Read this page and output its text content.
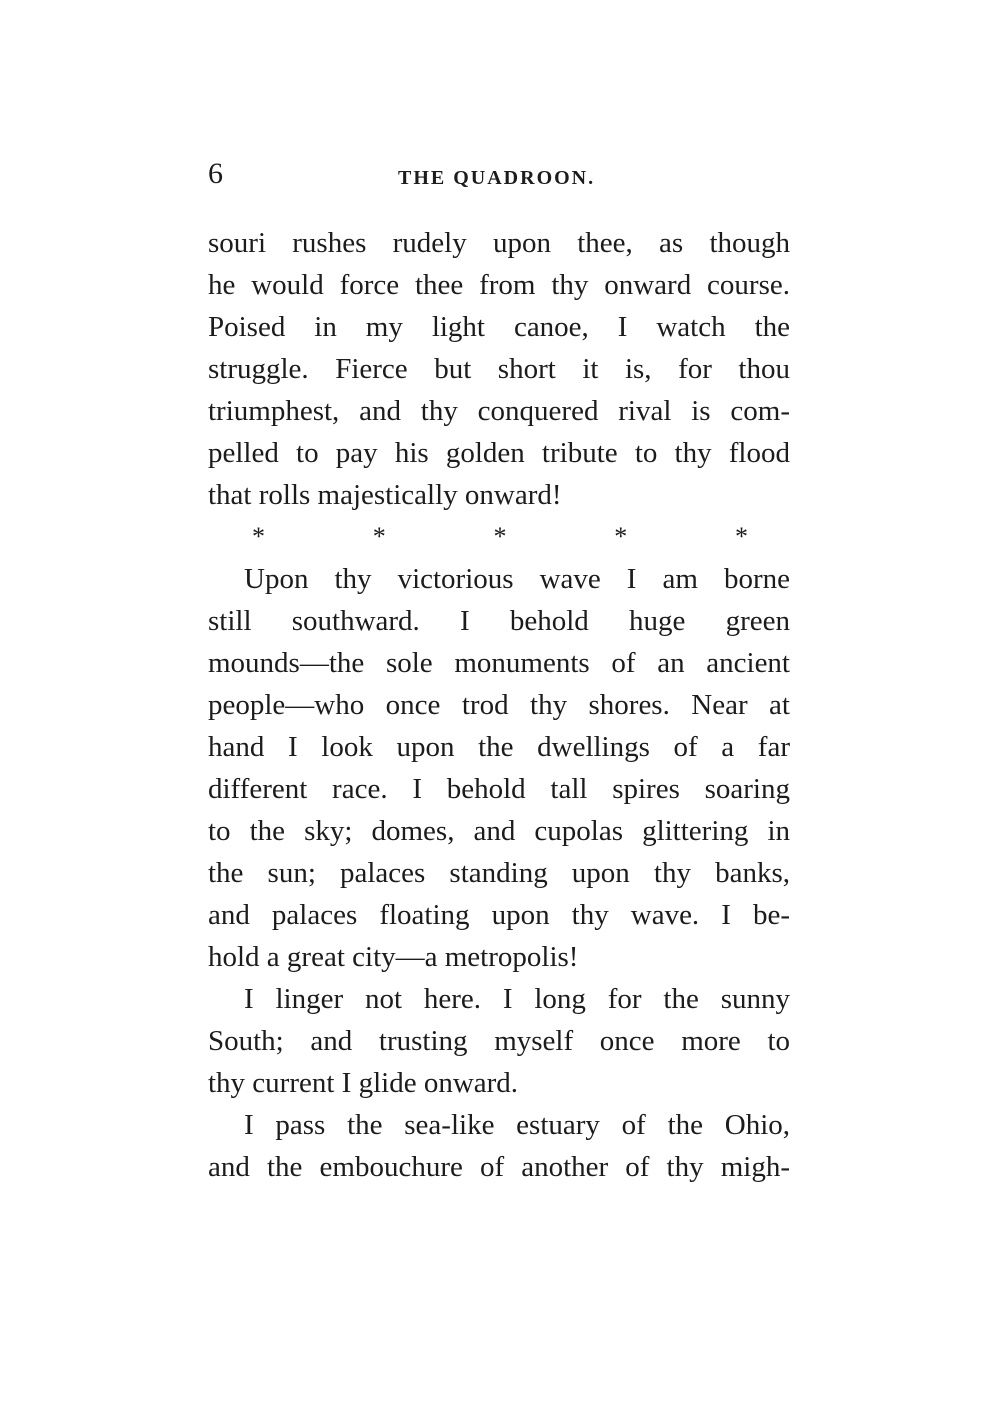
6	THE QUADROON.
souri rushes rudely upon thee, as though
he would force thee from thy onward course.
Poised in my light canoe, I watch the
struggle. Fierce but short it is, for thou
triumphest, and thy conquered rival is com-
pelled to pay his golden tribute to thy flood
that rolls majestically onward!
*	*	*	*	*
Upon thy victorious wave I am borne
still southward. I behold huge green
mounds—the sole monuments of an ancient
people—who once trod thy shores. Near at
hand I look upon the dwellings of a far
different race. I behold tall spires soaring
to the sky; domes, and cupolas glittering in
the sun; palaces standing upon thy banks,
and palaces floating upon thy wave. I be-
hold a great city—a metropolis!
I linger not here. I long for the sunny
South; and trusting myself once more to
thy current I glide onward.
I pass the sea-like estuary of the Ohio,
and the embouchure of another of thy migh-
